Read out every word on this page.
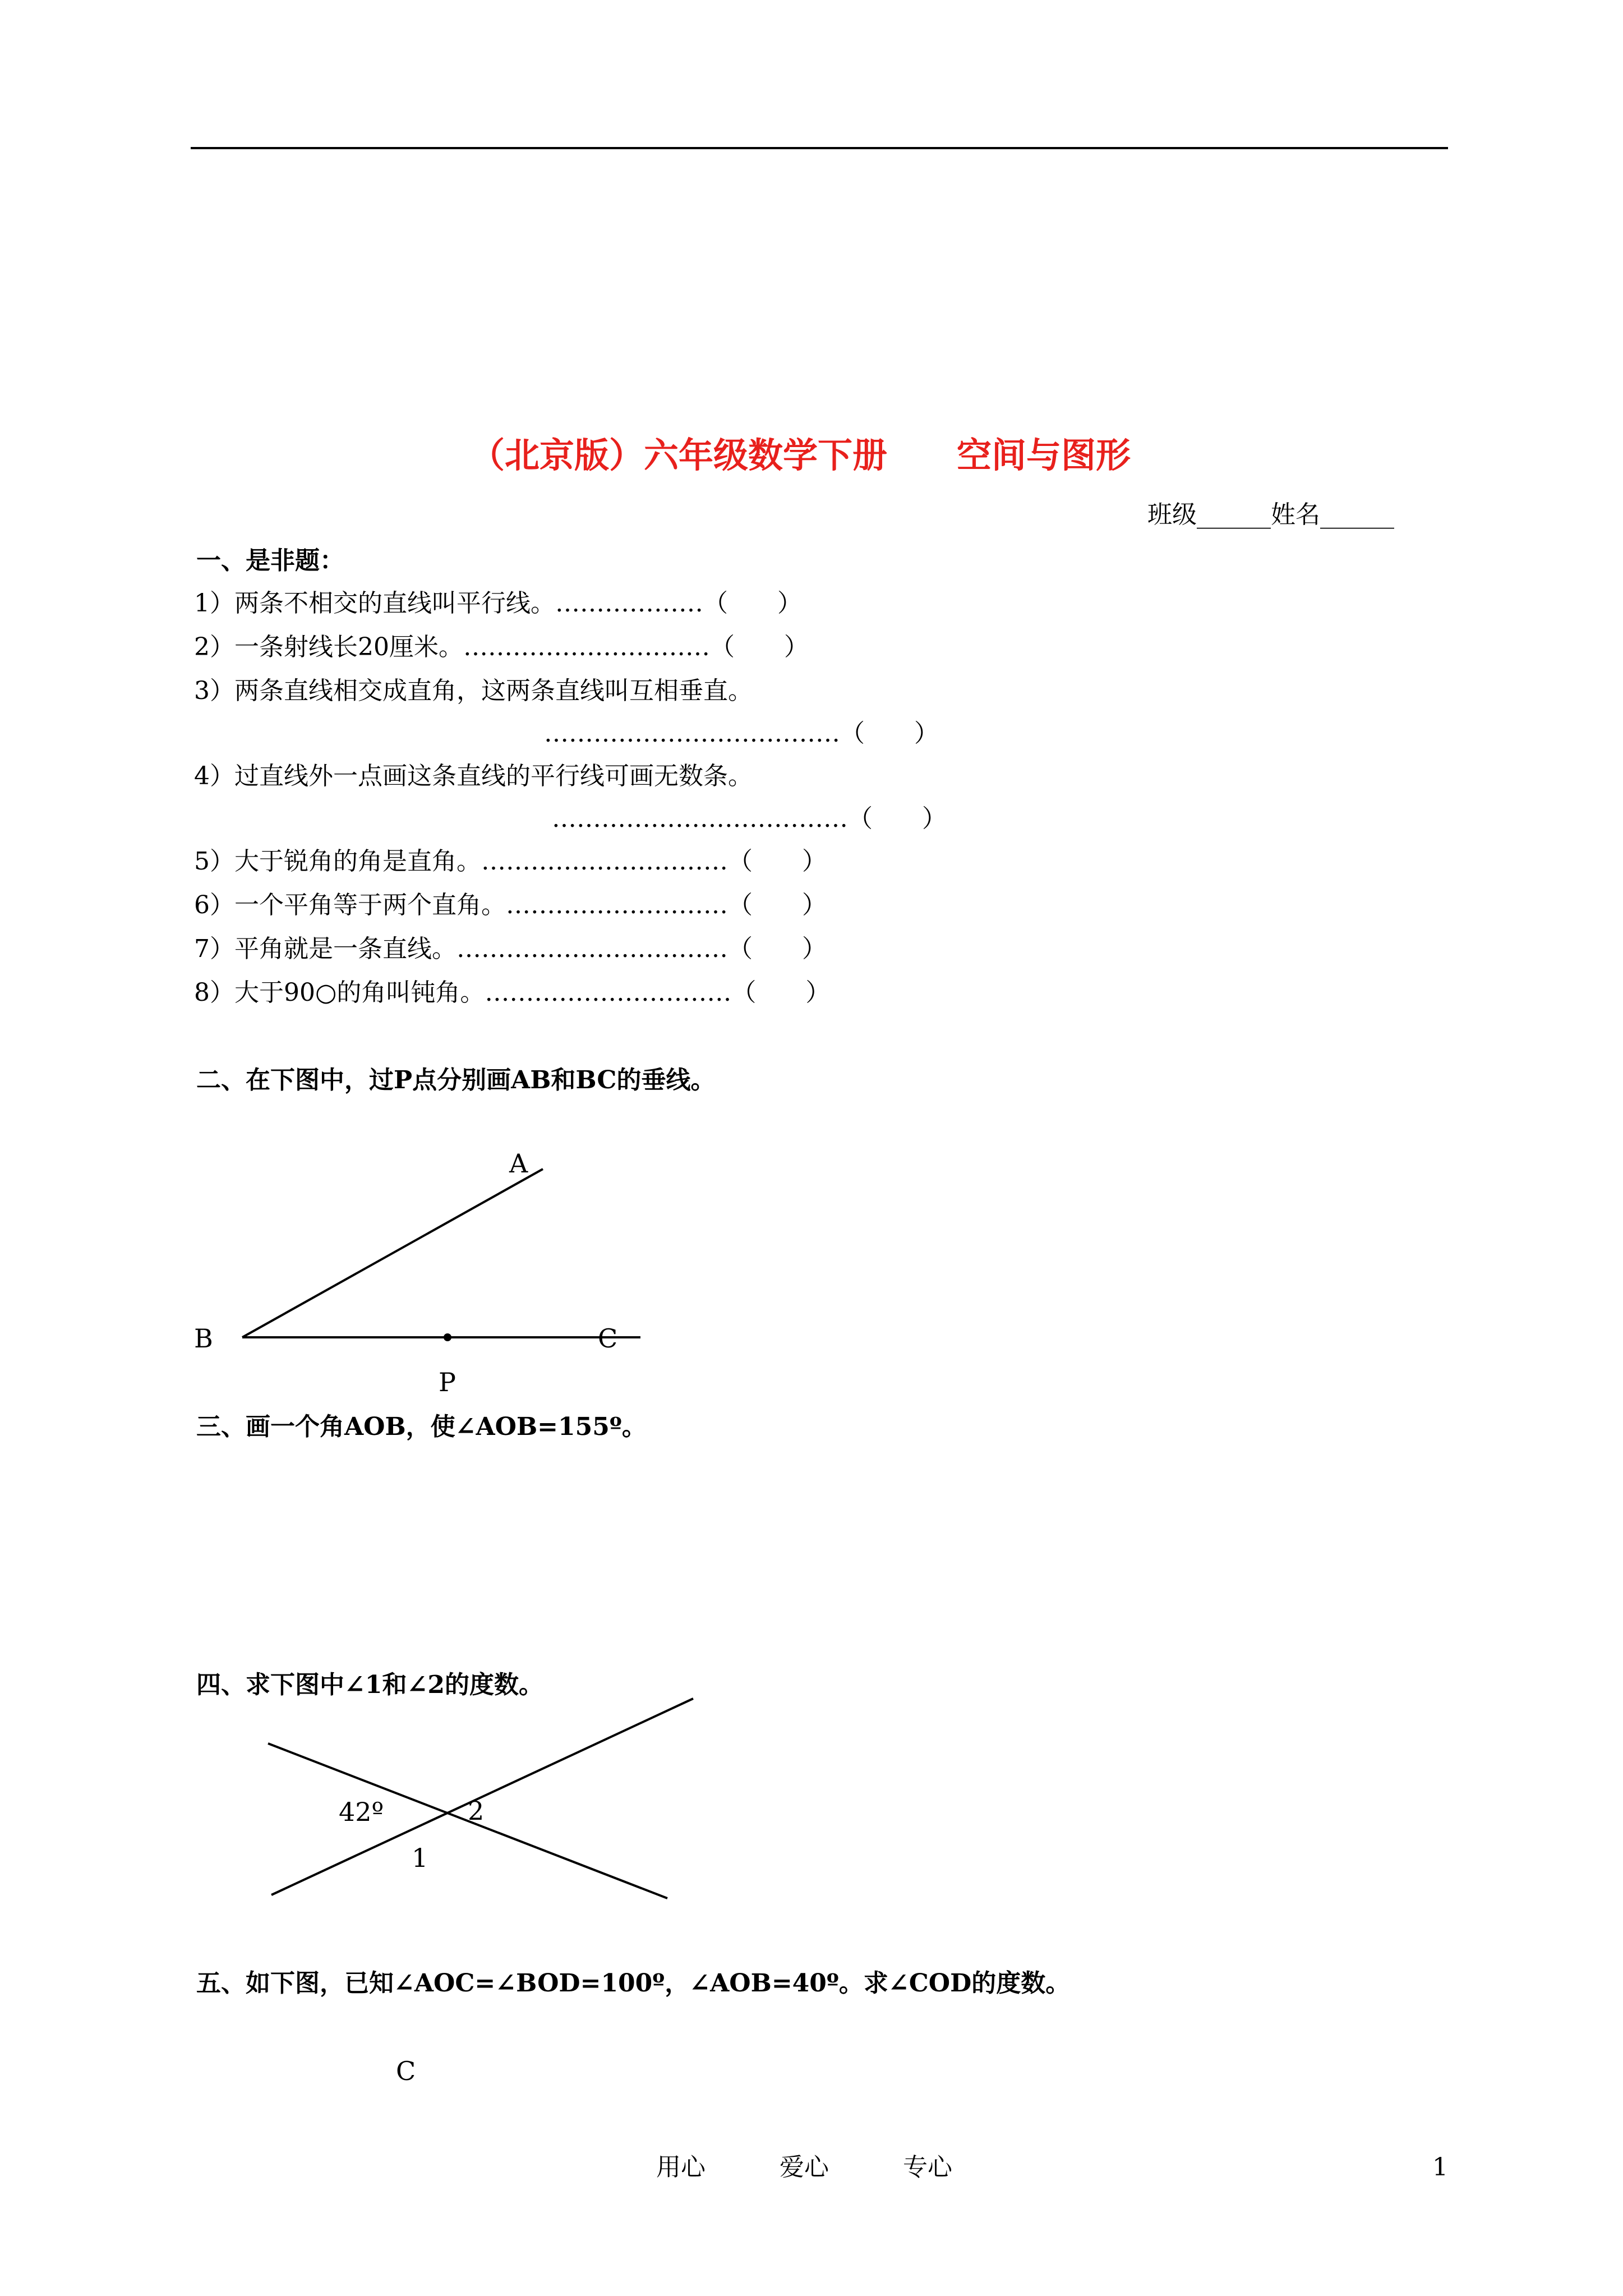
（北京版）六年级数学下册　　空间与图形
班级______姓名______
一、是非题：
1）两条不相交的直线叫平行线。………………（　　）
2）一条射线长20厘米。…………………………（　　）
3）两条直线相交成直角，这两条直线叫互相垂直。
………………………………（　　）
4）过直线外一点画这条直线的平行线可画无数条。
………………………………（　　）
5）大于锐角的角是直角。…………………………（　　）
6）一个平角等于两个直角。………………………（　　）
7）平角就是一条直线。……………………………（　　）
8）大于90○的角叫钝角。…………………………（　　）
二、在下图中，过P点分别画AB和BC的垂线。
三、画一个角AOB，使∠AOB=155º。
四、求下图中∠1和∠2的度数。
五、如下图，已知∠AOC=∠BOD=100º，∠AOB=40º。求∠COD的度数。
A
B	C
P
42º	2
1
C
用心　　　爱心　　　专心	1
